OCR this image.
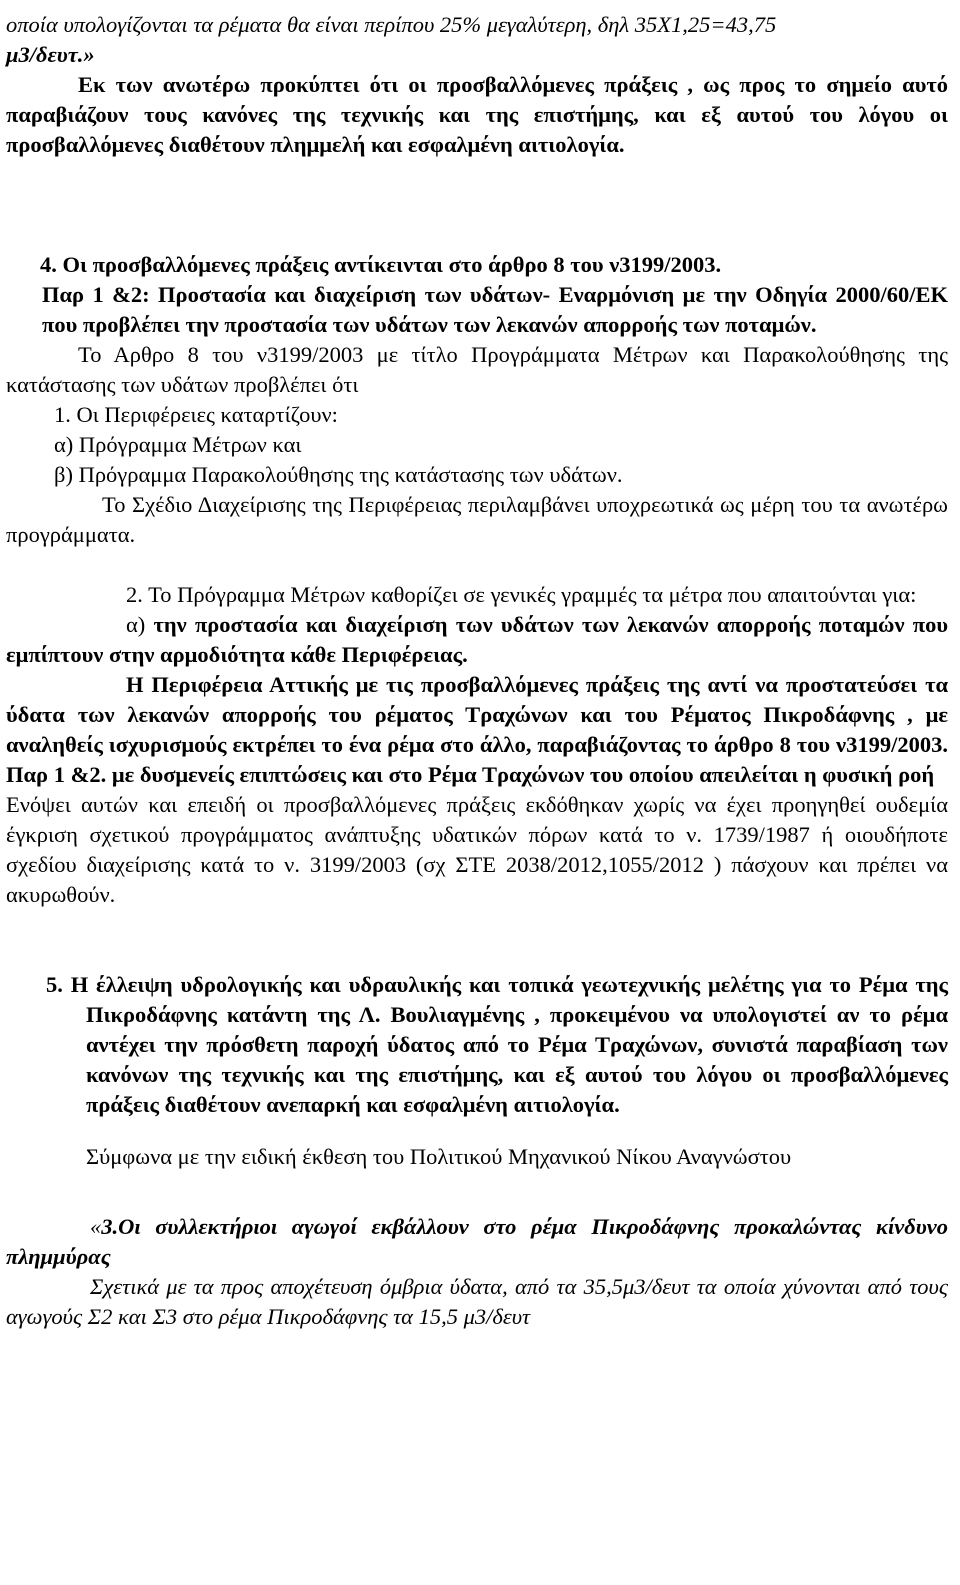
οποία υπολογίζονται τα ρέματα θα είναι περίπου 25% μεγαλύτερη, δηλ 35Χ1,25=43,75

μ3/δευτ.»

Εκ των ανωτέρω προκύπτει ότι οι προσβαλλόμενες πράξεις , ως προς το σημείο αυτό παραβιάζουν τους κανόνες της τεχνικής και της επιστήμης, και εξ αυτού του λόγου οι προσβαλλόμενες διαθέτουν πλημμελή και εσφαλμένη αιτιολογία.

4. Οι προσβαλλόμενες πράξεις αντίκεινται στο άρθρο 8 του ν3199/2003.

Παρ 1 &2: Προστασία και διαχείριση των υδάτων- Εναρμόνιση με την Οδηγία 2000/60/ΕΚ που προβλέπει την προστασία των υδάτων των λεκανών απορροής των ποταμών.

Το Αρθρο 8 του ν3199/2003 με τίτλο Προγράμματα Μέτρων και Παρακολούθησης της κατάστασης των υδάτων προβλέπει ότι

1. Οι Περιφέρειες καταρτίζουν:

α) Πρόγραμμα Μέτρων και

β) Πρόγραμμα Παρακολούθησης της κατάστασης των υδάτων.

Το Σχέδιο Διαχείρισης της Περιφέρειας περιλαμβάνει υποχρεωτικά ως μέρη του τα ανωτέρω προγράμματα.

2. Το Πρόγραμμα Μέτρων καθορίζει σε γενικές γραμμές τα μέτρα που απαιτούνται για:

α) την προστασία και διαχείριση των υδάτων των λεκανών απορροής ποταμών που εμπίπτουν στην αρμοδιότητα κάθε Περιφέρειας.

Η Περιφέρεια Αττικής με τις προσβαλλόμενες πράξεις της αντί να προστατεύσει τα ύδατα των λεκανών απορροής του ρέματος Τραχώνων και του Ρέματος Πικροδάφνης , με αναληθείς ισχυρισμούς εκτρέπει το ένα ρέμα στο άλλο, παραβιάζοντας το άρθρο 8 του ν3199/2003. Παρ 1 &2. με δυσμενείς επιπτώσεις και στο Ρέμα Τραχώνων του οποίου απειλείται η φυσική ροή

Ενόψει αυτών και επειδή οι προσβαλλόμενες πράξεις εκδόθηκαν χωρίς να έχει προηγηθεί ουδεμία έγκριση σχετικού προγράμματος ανάπτυξης υδατικών πόρων κατά το ν. 1739/1987 ή οιουδήποτε σχεδίου διαχείρισης κατά το ν. 3199/2003 (σχ ΣΤΕ 2038/2012,1055/2012 ) πάσχουν και πρέπει να ακυρωθούν.

5. Η έλλειψη υδρολογικής και υδραυλικής και τοπικά γεωτεχνικής μελέτης για το Ρέμα της Πικροδάφνης κατάντη της Λ. Βουλιαγμένης , προκειμένου να υπολογιστεί αν το ρέμα αντέχει την πρόσθετη παροχή ύδατος από το Ρέμα Τραχώνων, συνιστά παραβίαση των κανόνων της τεχνικής και της επιστήμης, και εξ αυτού του λόγου οι προσβαλλόμενες πράξεις διαθέτουν ανεπαρκή και εσφαλμένη αιτιολογία.

Σύμφωνα με την ειδική έκθεση του Πολιτικού Μηχανικού Νίκου Αναγνώστου

«3.Οι συλλεκτήριοι αγωγοί εκβάλλουν στο ρέμα Πικροδάφνης προκαλώντας κίνδυνο πλημμύρας

Σχετικά με τα προς αποχέτευση όμβρια ύδατα, από τα 35,5μ3/δευτ τα οποία χύνονται από τους αγωγούς Σ2 και Σ3 στο ρέμα Πικροδάφνης τα 15,5 μ3/δευτ
